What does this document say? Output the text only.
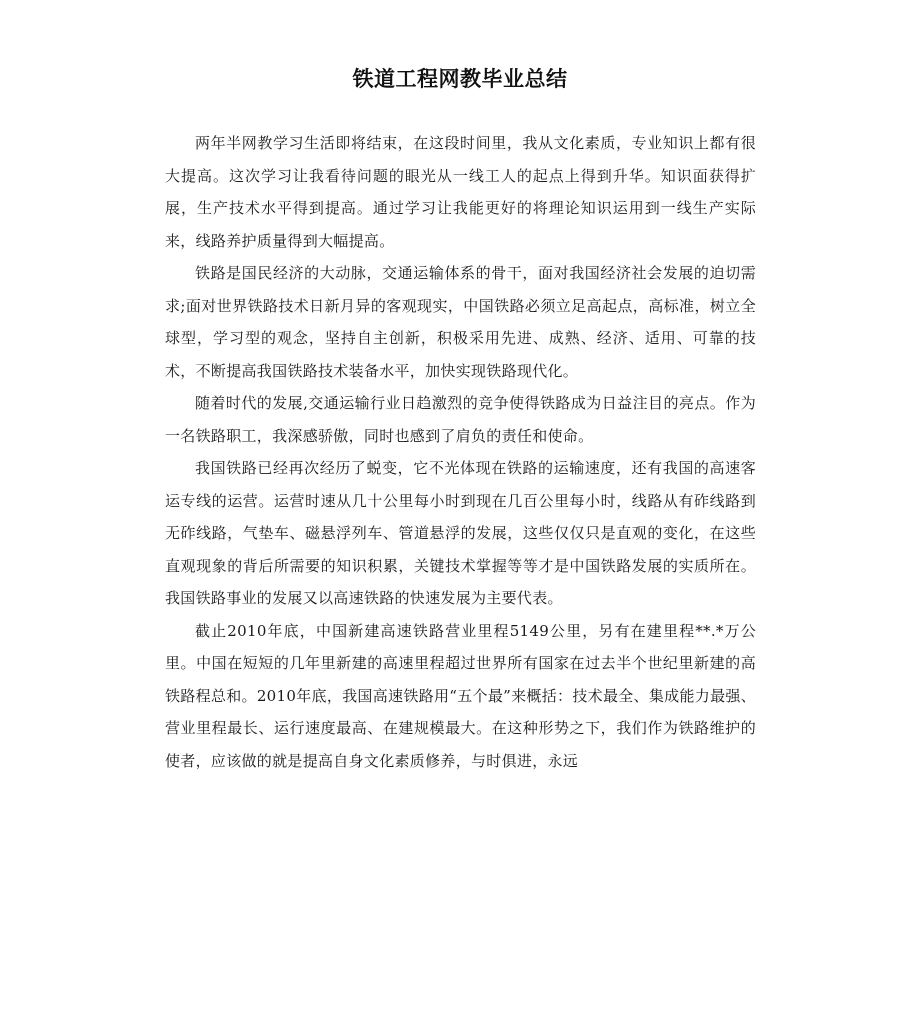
铁道工程网教毕业总结

两年半网教学习生活即将结束，在这段时间里，我从文化素质，专业知识上都有很大提高。这次学习让我看待问题的眼光从一线工人的起点上得到升华。知识面获得扩展，生产技术水平得到提高。通过学习让我能更好的将理论知识运用到一线生产实际来，线路养护质量得到大幅提高。

铁路是国民经济的大动脉，交通运输体系的骨干，面对我国经济社会发展的迫切需求;面对世界铁路技术日新月异的客观现实，中国铁路必须立足高起点，高标准，树立全球型，学习型的观念，坚持自主创新，积极采用先进、成熟、经济、适用、可靠的技术，不断提高我国铁路技术装备水平，加快实现铁路现代化。

随着时代的发展,交通运输行业日趋激烈的竞争使得铁路成为日益注目的亮点。作为一名铁路职工，我深感骄傲，同时也感到了肩负的责任和使命。

我国铁路已经再次经历了蜕变，它不光体现在铁路的运输速度，还有我国的高速客运专线的运营。运营时速从几十公里每小时到现在几百公里每小时，线路从有砟线路到无砟线路，气垫车、磁悬浮列车、管道悬浮的发展，这些仅仅只是直观的变化，在这些直观现象的背后所需要的知识积累，关键技术掌握等等才是中国铁路发展的实质所在。我国铁路事业的发展又以高速铁路的快速发展为主要代表。

截止2010年底，中国新建高速铁路营业里程5149公里，另有在建里程**.*万公里。中国在短短的几年里新建的高速里程超过世界所有国家在过去半个世纪里新建的高铁路程总和。2010年底，我国高速铁路用“五个最”来概括：技术最全、集成能力最强、营业里程最长、运行速度最高、在建规模最大。在这种形势之下，我们作为铁路维护的使者，应该做的就是提高自身文化素质修养，与时俱进，永远
